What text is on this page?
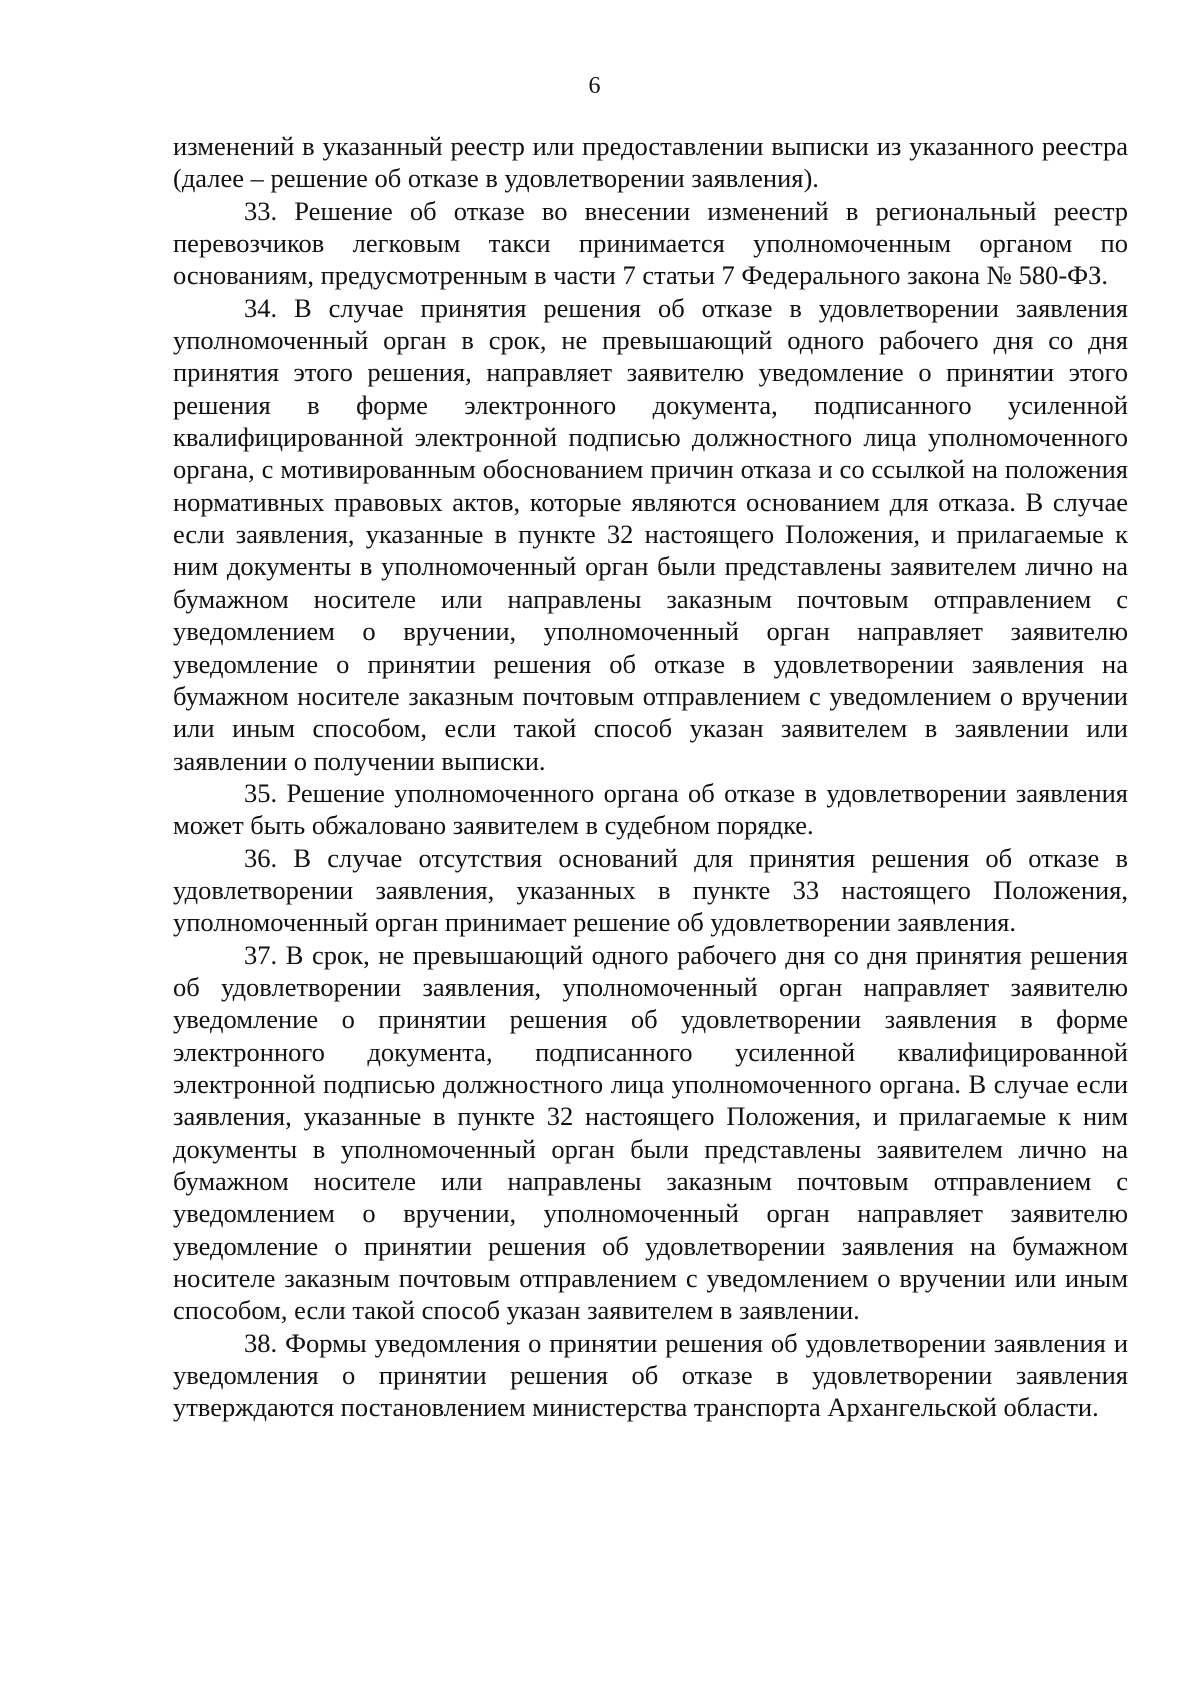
6

изменений в указанный реестр или предоставлении выписки из указанного реестра (далее – решение об отказе в удовлетворении заявления).

33. Решение об отказе во внесении изменений в региональный реестр перевозчиков легковым такси принимается уполномоченным органом по основаниям, предусмотренным в части 7 статьи 7 Федерального закона № 580-ФЗ.

34. В случае принятия решения об отказе в удовлетворении заявления уполномоченный орган в срок, не превышающий одного рабочего дня со дня принятия этого решения, направляет заявителю уведомление о принятии этого решения в форме электронного документа, подписанного усиленной квалифицированной электронной подписью должностного лица уполномоченного органа, с мотивированным обоснованием причин отказа и со ссылкой на положения нормативных правовых актов, которые являются основанием для отказа. В случае если заявления, указанные в пункте 32 настоящего Положения, и прилагаемые к ним документы в уполномоченный орган были представлены заявителем лично на бумажном носителе или направлены заказным почтовым отправлением с уведомлением о вручении, уполномоченный орган направляет заявителю уведомление о принятии решения об отказе в удовлетворении заявления на бумажном носителе заказным почтовым отправлением с уведомлением о вручении или иным способом, если такой способ указан заявителем в заявлении или заявлении о получении выписки.

35. Решение уполномоченного органа об отказе в удовлетворении заявления может быть обжаловано заявителем в судебном порядке.

36. В случае отсутствия оснований для принятия решения об отказе в удовлетворении заявления, указанных в пункте 33 настоящего Положения, уполномоченный орган принимает решение об удовлетворении заявления.

37. В срок, не превышающий одного рабочего дня со дня принятия решения об удовлетворении заявления, уполномоченный орган направляет заявителю уведомление о принятии решения об удовлетворении заявления в форме электронного документа, подписанного усиленной квалифицированной электронной подписью должностного лица уполномоченного органа. В случае если заявления, указанные в пункте 32 настоящего Положения, и прилагаемые к ним документы в уполномоченный орган были представлены заявителем лично на бумажном носителе или направлены заказным почтовым отправлением с уведомлением о вручении, уполномоченный орган направляет заявителю уведомление о принятии решения об удовлетворении заявления на бумажном носителе заказным почтовым отправлением с уведомлением о вручении или иным способом, если такой способ указан заявителем в заявлении.

38. Формы уведомления о принятии решения об удовлетворении заявления и уведомления о принятии решения об отказе в удовлетворении заявления утверждаются постановлением министерства транспорта Архангельской области.
